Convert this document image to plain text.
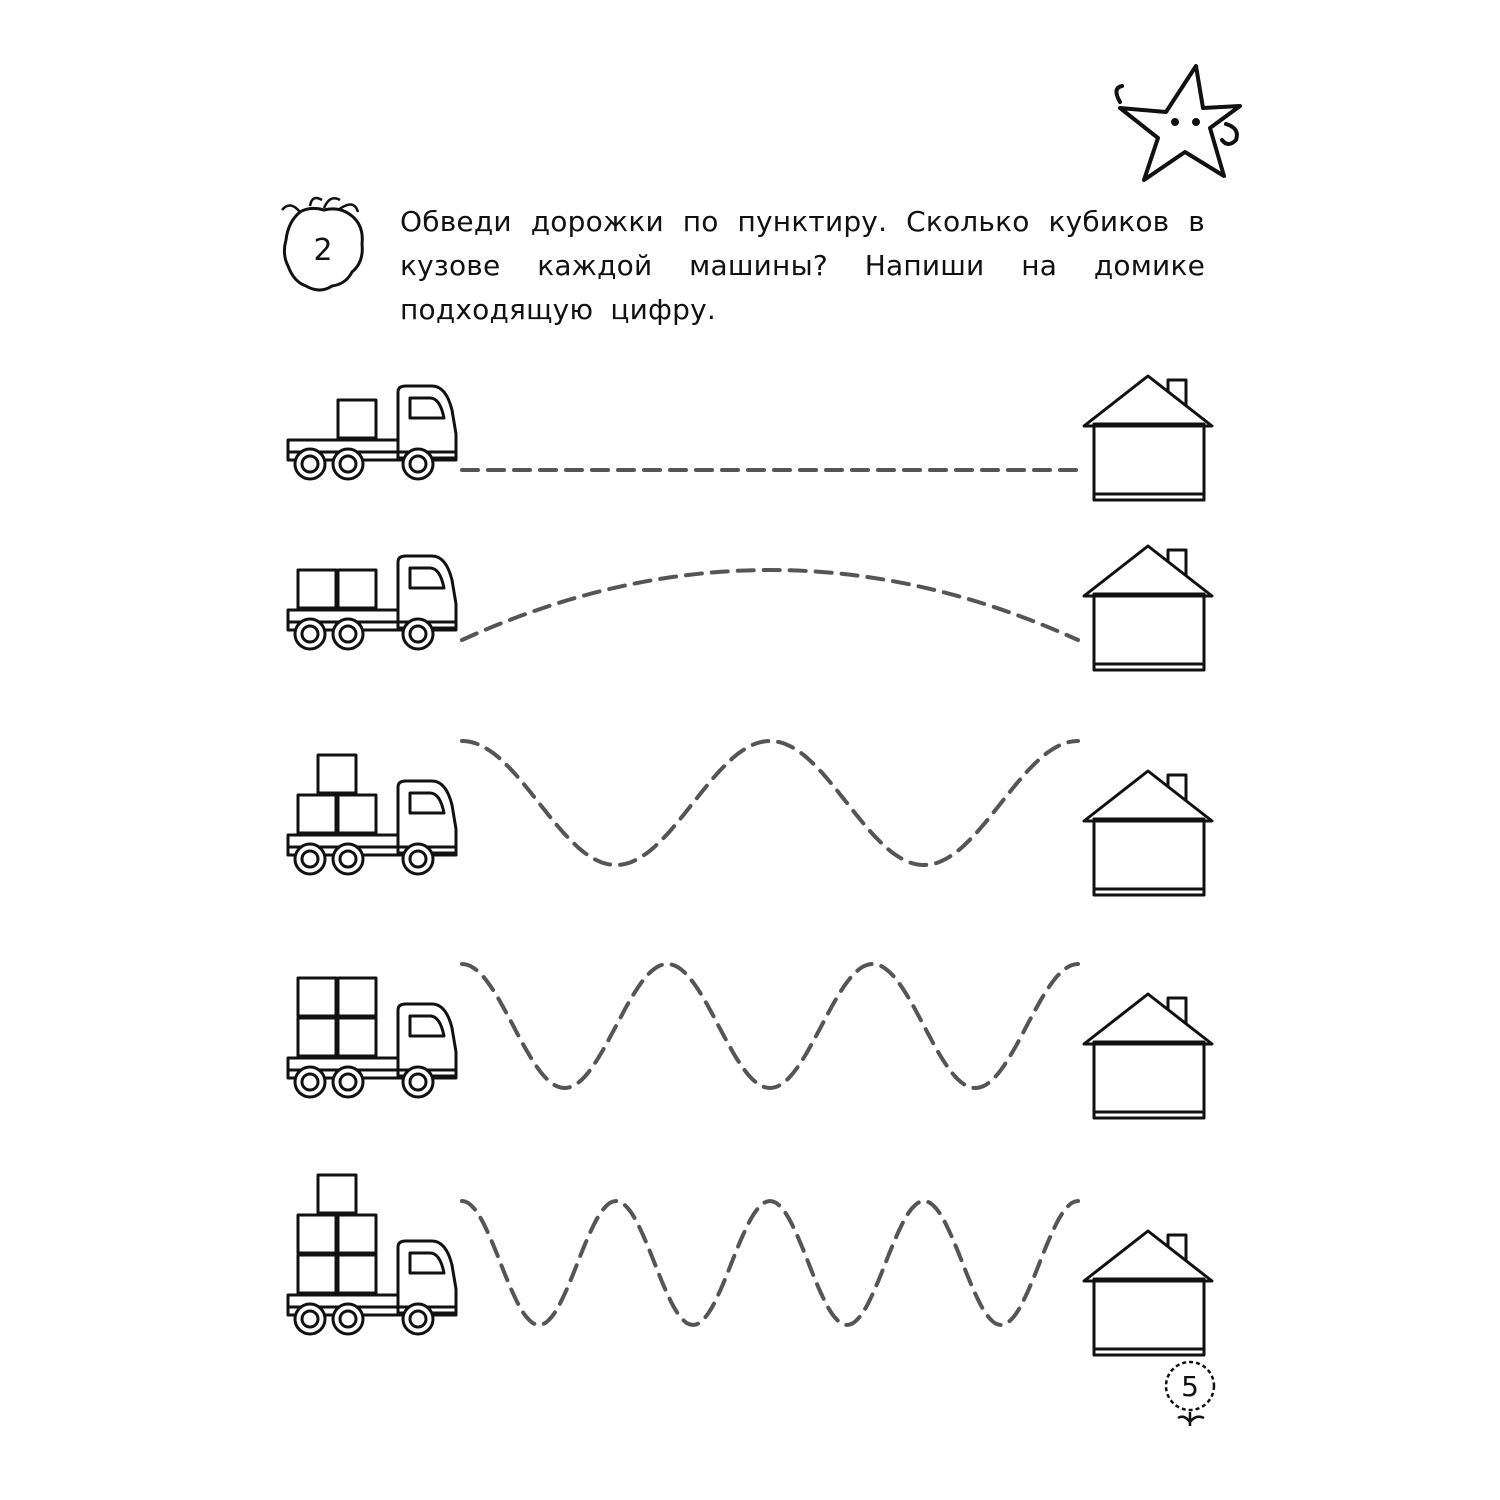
Обведи дорожки по пунктиру. Сколько кубиков в кузове каждой машины? Напиши на домике подходящую цифру.
2
5
